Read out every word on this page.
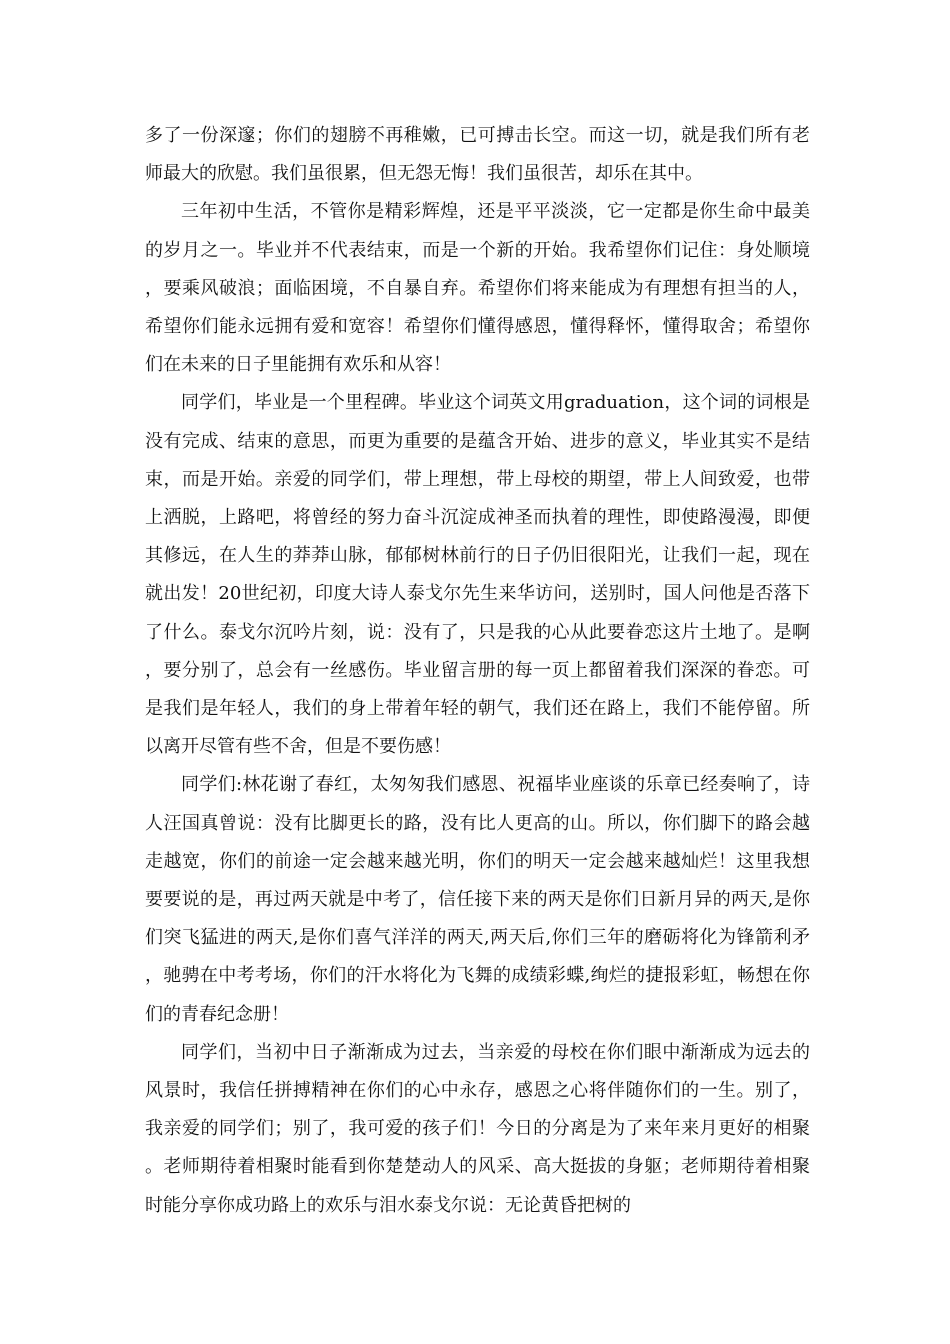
多了一份深邃；你们的翅膀不再稚嫩，已可搏击长空。而这一切，就是我们所有老师最大的欣慰。我们虽很累，但无怨无悔！我们虽很苦，却乐在其中。

三年初中生活，不管你是精彩辉煌，还是平平淡淡，它一定都是你生命中最美的岁月之一。毕业并不代表结束，而是一个新的开始。我希望你们记住：身处顺境，要乘风破浪；面临困境，不自暴自弃。希望你们将来能成为有理想有担当的人，希望你们能永远拥有爱和宽容！希望你们懂得感恩，懂得释怀，懂得取舍；希望你们在未来的日子里能拥有欢乐和从容！

同学们，毕业是一个里程碑。毕业这个词英文用graduation，这个词的词根是没有完成、结束的意思，而更为重要的是蕴含开始、进步的意义，毕业其实不是结束，而是开始。亲爱的同学们，带上理想，带上母校的期望，带上人间致爱，也带上洒脱，上路吧，将曾经的努力奋斗沉淀成神圣而执着的理性，即使路漫漫，即便其修远，在人生的莽莽山脉，郁郁树林前行的日子仍旧很阳光，让我们一起，现在就出发！20世纪初，印度大诗人泰戈尔先生来华访问，送别时，国人问他是否落下了什么。泰戈尔沉吟片刻，说：没有了，只是我的心从此要眷恋这片土地了。是啊，要分别了，总会有一丝感伤。毕业留言册的每一页上都留着我们深深的眷恋。可是我们是年轻人，我们的身上带着年轻的朝气，我们还在路上，我们不能停留。所以离开尽管有些不舍，但是不要伤感！

同学们:林花谢了春红，太匆匆我们感恩、祝福毕业座谈的乐章已经奏响了，诗人汪国真曾说：没有比脚更长的路，没有比人更高的山。所以，你们脚下的路会越走越宽，你们的前途一定会越来越光明，你们的明天一定会越来越灿烂！这里我想要要说的是，再过两天就是中考了，信任接下来的两天是你们日新月异的两天,是你们突飞猛进的两天,是你们喜气洋洋的两天,两天后,你们三年的磨砺将化为锋箭利矛，驰骋在中考考场，你们的汗水将化为飞舞的成绩彩蝶,绚烂的捷报彩虹，畅想在你们的青春纪念册！

同学们，当初中日子渐渐成为过去，当亲爱的母校在你们眼中渐渐成为远去的风景时，我信任拼搏精神在你们的心中永存，感恩之心将伴随你们的一生。别了，我亲爱的同学们；别了，我可爱的孩子们！今日的分离是为了来年来月更好的相聚。老师期待着相聚时能看到你楚楚动人的风采、高大挺拔的身躯；老师期待着相聚时能分享你成功路上的欢乐与泪水泰戈尔说：无论黄昏把树的
